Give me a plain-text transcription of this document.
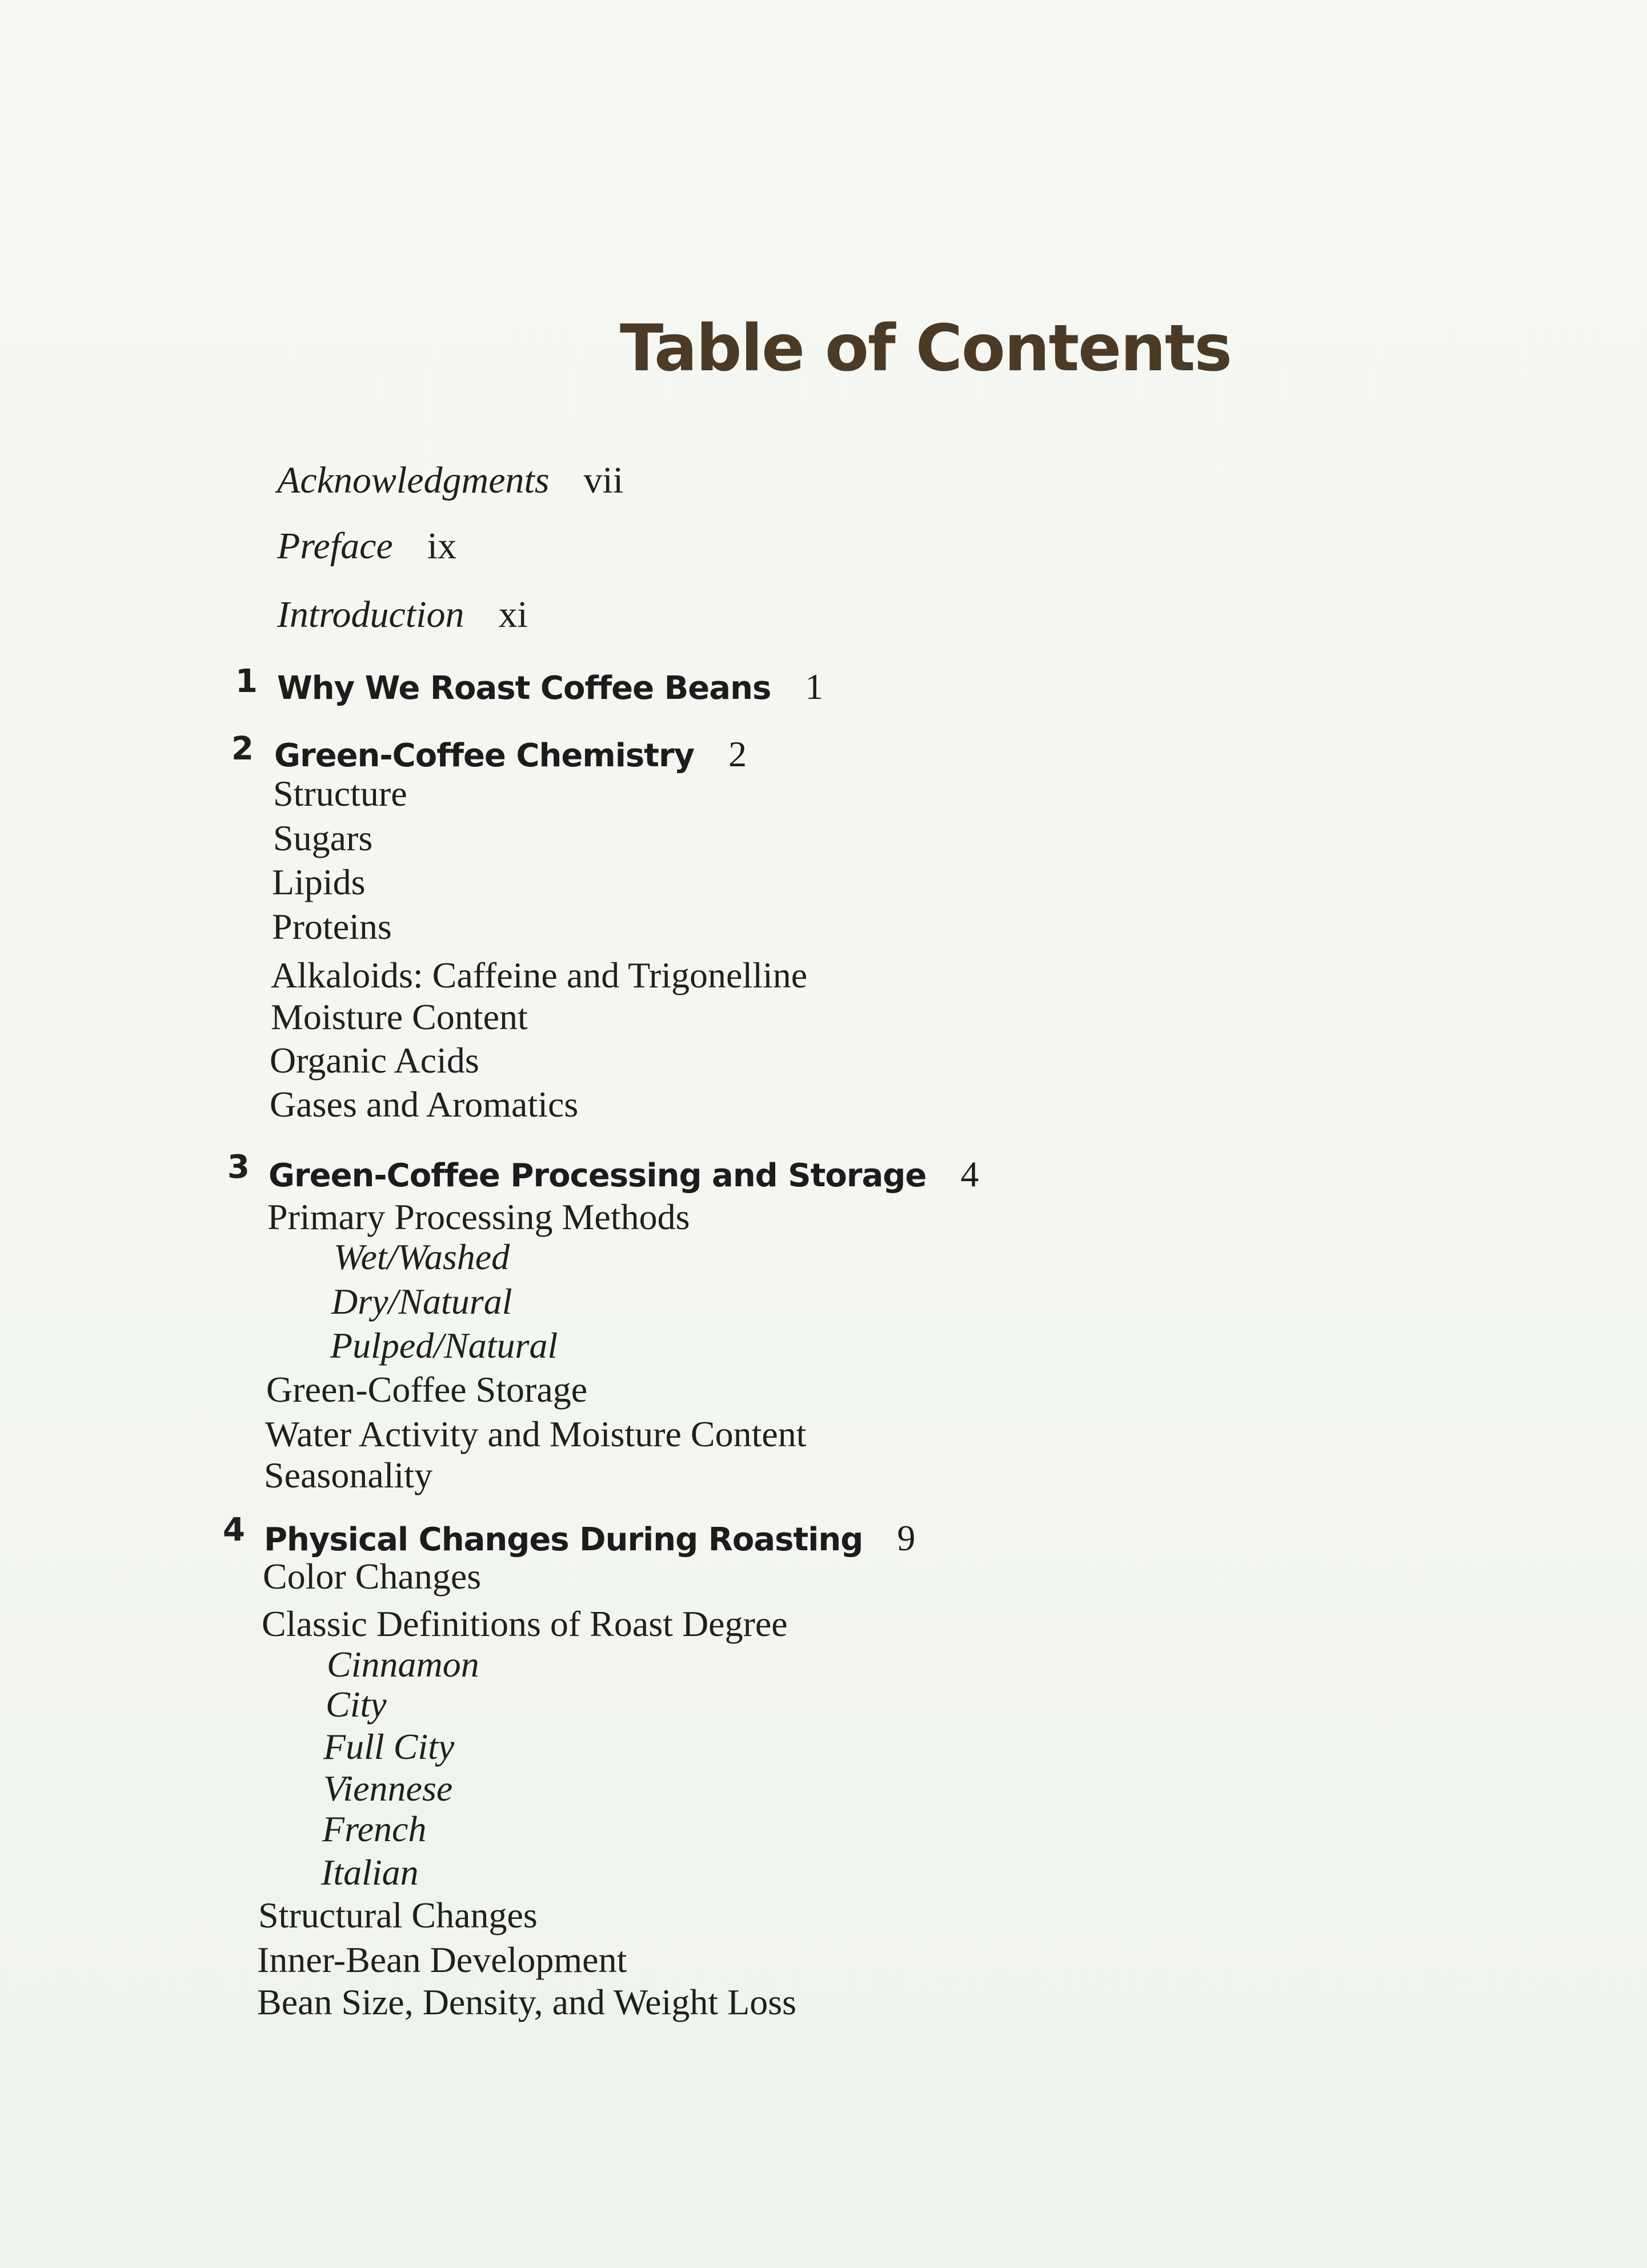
Table of Contents
Acknowledgments vii
Preface ix
Introduction xi
1 Why We Roast Coffee Beans 1
2 Green-Coffee Chemistry 2
Structure
Sugars
Lipids
Proteins
Alkaloids: Caffeine and Trigonelline
Moisture Content
Organic Acids
Gases and Aromatics
3 Green-Coffee Processing and Storage 4
Primary Processing Methods
Wet/Washed
Dry/Natural
Pulped/Natural
Green-Coffee Storage
Water Activity and Moisture Content
Seasonality
4 Physical Changes During Roasting 9
Color Changes
Classic Definitions of Roast Degree
Cinnamon
City
Full City
Viennese
French
Italian
Structural Changes
Inner-Bean Development
Bean Size, Density, and Weight Loss
